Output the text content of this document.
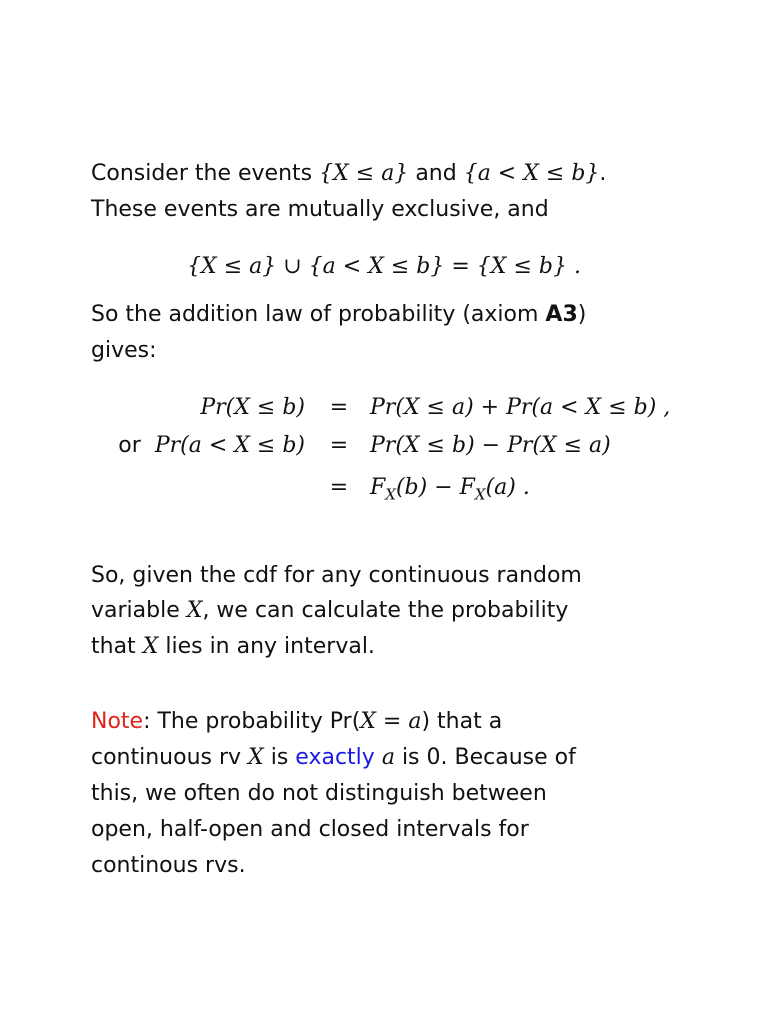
Consider the events {X ≤ a} and {a < X ≤ b}.
These events are mutually exclusive, and
{X ≤ a} ∪ {a < X ≤ b} = {X ≤ b} .
So the addition law of probability (axiom A3)
gives:
Pr(X ≤ b) = Pr(X ≤ a) + Pr(a < X ≤ b) ,
or Pr(a < X ≤ b) = Pr(X ≤ b) − Pr(X ≤ a)
= $F_X(b) - F_X(a)$ .
So, given the cdf for any continuous random
variable X, we can calculate the probability
that X lies in any interval.
Note: The probability Pr(X = a) that a
continuous rv X is exactly a is 0. Because of
this, we often do not distinguish between
open, half-open and closed intervals for
continous rvs.
